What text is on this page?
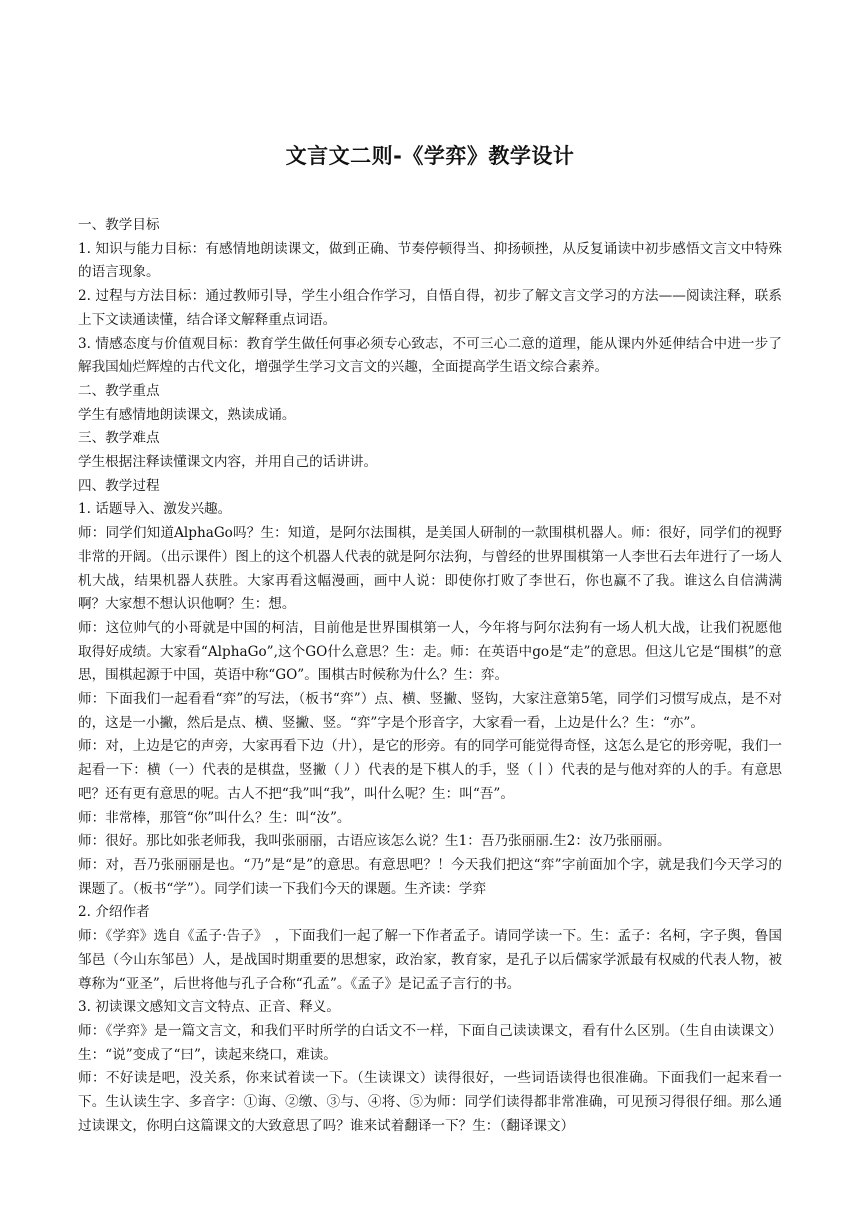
文言文二则-《学弈》教学设计

一、教学目标

1. 知识与能力目标：有感情地朗读课文，做到正确、节奏停顿得当、抑扬顿挫，从反复诵读中初步感悟文言文中特殊的语言现象。

2. 过程与方法目标：通过教师引导，学生小组合作学习，自悟自得，初步了解文言文学习的方法——阅读注释，联系上下文读通读懂，结合译文解释重点词语。

3. 情感态度与价值观目标：教育学生做任何事必须专心致志，不可三心二意的道理，能从课内外延伸结合中进一步了解我国灿烂辉煌的古代文化，增强学生学习文言文的兴趣，全面提高学生语文综合素养。

二、教学重点

学生有感情地朗读课文，熟读成诵。

三、教学难点

学生根据注释读懂课文内容，并用自己的话讲讲。

四、教学过程

1. 话题导入、激发兴趣。

师：同学们知道AlphaGo吗？生：知道，是阿尔法围棋，是美国人研制的一款围棋机器人。师：很好，同学们的视野非常的开阔。（出示课件）图上的这个机器人代表的就是阿尔法狗，与曾经的世界围棋第一人李世石去年进行了一场人机大战，结果机器人获胜。大家再看这幅漫画，画中人说：即使你打败了李世石，你也赢不了我。谁这么自信满满啊？大家想不想认识他啊？生：想。

师：这位帅气的小哥就是中国的柯洁，目前他是世界围棋第一人，今年将与阿尔法狗有一场人机大战，让我们祝愿他取得好成绩。大家看“AlphaGo”,这个GO什么意思？生：走。师：在英语中go是“走”的意思。但这儿它是“围棋”的意思，围棋起源于中国，英语中称“GO”。围棋古时候称为什么？生：弈。

师：下面我们一起看看“弈”的写法，（板书“弈”）点、横、竖撇、竖钩，大家注意第5笔，同学们习惯写成点，是不对的，这是一小撇，然后是点、横、竖撇、竖。“弈”字是个形音字，大家看一看，上边是什么？生：“亦”。

师：对，上边是它的声旁，大家再看下边（廾），是它的形旁。有的同学可能觉得奇怪，这怎么是它的形旁呢，我们一起看一下：横（一）代表的是棋盘，竖撇（丿）代表的是下棋人的手，竖（丨）代表的是与他对弈的人的手。有意思吧？还有更有意思的呢。古人不把“我”叫“我”，叫什么呢？生：叫“吾”。

师：非常棒，那管“你”叫什么？生：叫“汝”。

师：很好。那比如张老师我，我叫张丽丽，古语应该怎么说？生1：吾乃张丽丽.生2：汝乃张丽丽。

师：对，吾乃张丽丽是也。“乃”是“是”的意思。有意思吧？！今天我们把这“弈”字前面加个字，就是我们今天学习的课题了。（板书“学”）。同学们读一下我们今天的课题。生齐读：学弈

2. 介绍作者

师：《学弈》选自《孟子·告子》　，下面我们一起了解一下作者孟子。请同学读一下。生：孟子：名柯，字子舆，鲁国邹邑（今山东邹邑）人，是战国时期重要的思想家，政治家，教育家，是孔子以后儒家学派最有权威的代表人物，被尊称为“亚圣”，后世将他与孔子合称“孔孟”。《孟子》是记孟子言行的书。

3. 初读课文感知文言文特点、正音、释义。

师：《学弈》是一篇文言文，和我们平时所学的白话文不一样，下面自己读读课文，看有什么区别。（生自由读课文）生：“说”变成了“曰”，读起来绕口，难读。

师：不好读是吧，没关系，你来试着读一下。（生读课文）读得很好，一些词语读得也很准确。下面我们一起来看一下。生认读生字、多音字：①诲、②缴、③与、④将、⑤为师：同学们读得都非常准确，可见预习得很仔细。那么通过读课文，你明白这篇课文的大致意思了吗？谁来试着翻译一下？生：（翻译课文）
